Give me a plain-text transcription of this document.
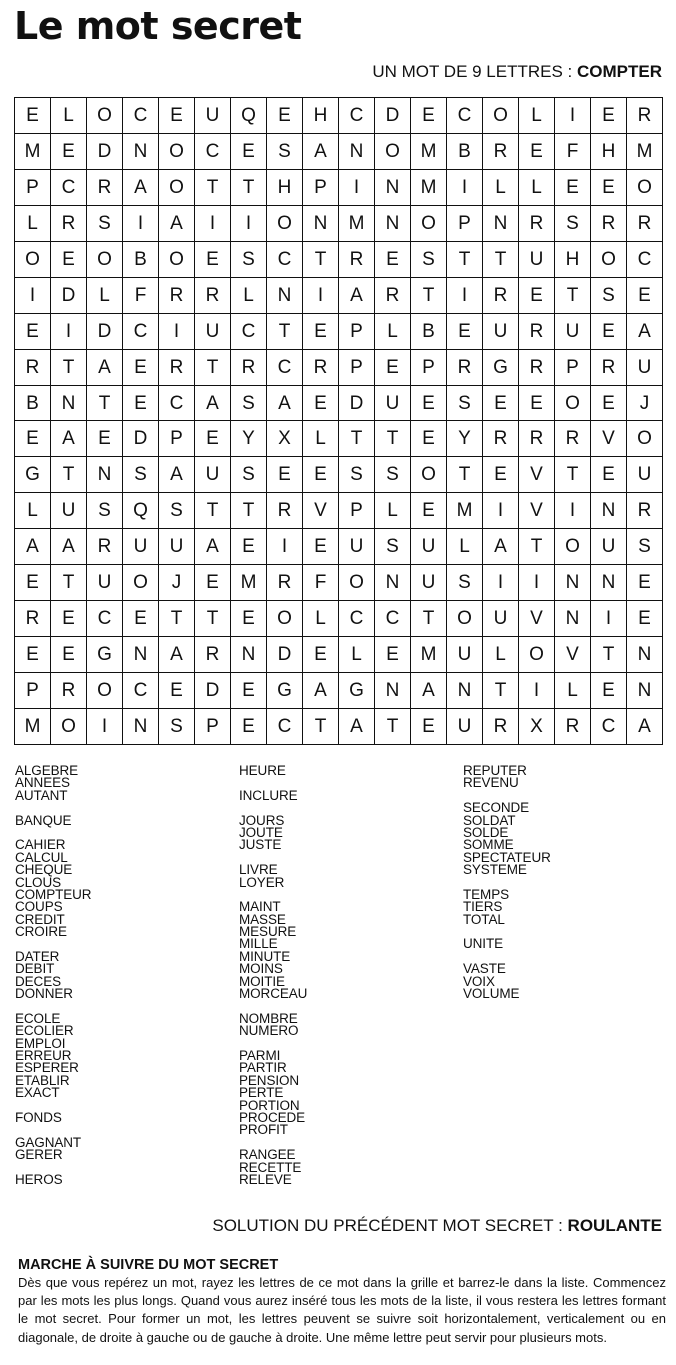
Le mot secret
UN MOT DE 9 LETTRES : COMPTER
E	L	O	C	E	U	Q	E	H	C	D	E	C	O	L	I	E	R
M	E	D	N	O	C	E	S	A	N	O	M	B	R	E	F	H	M
P	C	R	A	O	T	T	H	P	I	N	M	I	L	L	E	E	O
L	R	S	I	A	I	I	O	N	M	N	O	P	N	R	S	R	R
O	E	O	B	O	E	S	C	T	R	E	S	T	T	U	H	O	C
I	D	L	F	R	R	L	N	I	A	R	T	I	R	E	T	S	E
E	I	D	C	I	U	C	T	E	P	L	B	E	U	R	U	E	A
R	T	A	E	R	T	R	C	R	P	E	P	R	G	R	P	R	U
B	N	T	E	C	A	S	A	E	D	U	E	S	E	E	O	E	J
E	A	E	D	P	E	Y	X	L	T	T	E	Y	R	R	R	V	O
G	T	N	S	A	U	S	E	E	S	S	O	T	E	V	T	E	U
L	U	S	Q	S	T	T	R	V	P	L	E	M	I	V	I	N	R
A	A	R	U	U	A	E	I	E	U	S	U	L	A	T	O	U	S
E	T	U	O	J	E	M	R	F	O	N	U	S	I	I	N	N	E
R	E	C	E	T	T	E	O	L	C	C	T	O	U	V	N	I	E
E	E	G	N	A	R	N	D	E	L	E	M	U	L	O	V	T	N
P	R	O	C	E	D	E	G	A	G	N	A	N	T	I	L	E	N
M	O	I	N	S	P	E	C	T	A	T	E	U	R	X	R	C	A
ALGEBRE
ANNEES
AUTANT
BANQUE
CAHIER
CALCUL
CHEQUE
CLOUS
COMPTEUR
COUPS
CREDIT
CROIRE
DATER
DEBIT
DECES
DONNER
ECOLE
ECOLIER
EMPLOI
ERREUR
ESPERER
ETABLIR
EXACT
FONDS
GAGNANT
GERER
HEROS
HEURE
INCLURE
JOURS
JOUTE
JUSTE
LIVRE
LOYER
MAINT
MASSE
MESURE
MILLE
MINUTE
MOINS
MOITIE
MORCEAU
NOMBRE
NUMERO
PARMI
PARTIR
PENSION
PERTE
PORTION
PROCEDE
PROFIT
RANGEE
RECETTE
RELEVE
REPUTER
REVENU
SECONDE
SOLDAT
SOLDE
SOMME
SPECTATEUR
SYSTEME
TEMPS
TIERS
TOTAL
UNITE
VASTE
VOIX
VOLUME
SOLUTION DU PRÉCÉDENT MOT SECRET : ROULANTE
MARCHE À SUIVRE DU MOT SECRET
Dès que vous repérez un mot, rayez les lettres de ce mot dans la grille et barrez-le dans la liste. Commencez par les mots les plus longs. Quand vous aurez inséré tous les mots de la liste, il vous restera les lettres formant le mot secret. Pour former un mot, les lettres peuvent se suivre soit horizontalement, verticalement ou en diagonale, de droite à gauche ou de gauche à droite. Une même lettre peut servir pour plusieurs mots.
